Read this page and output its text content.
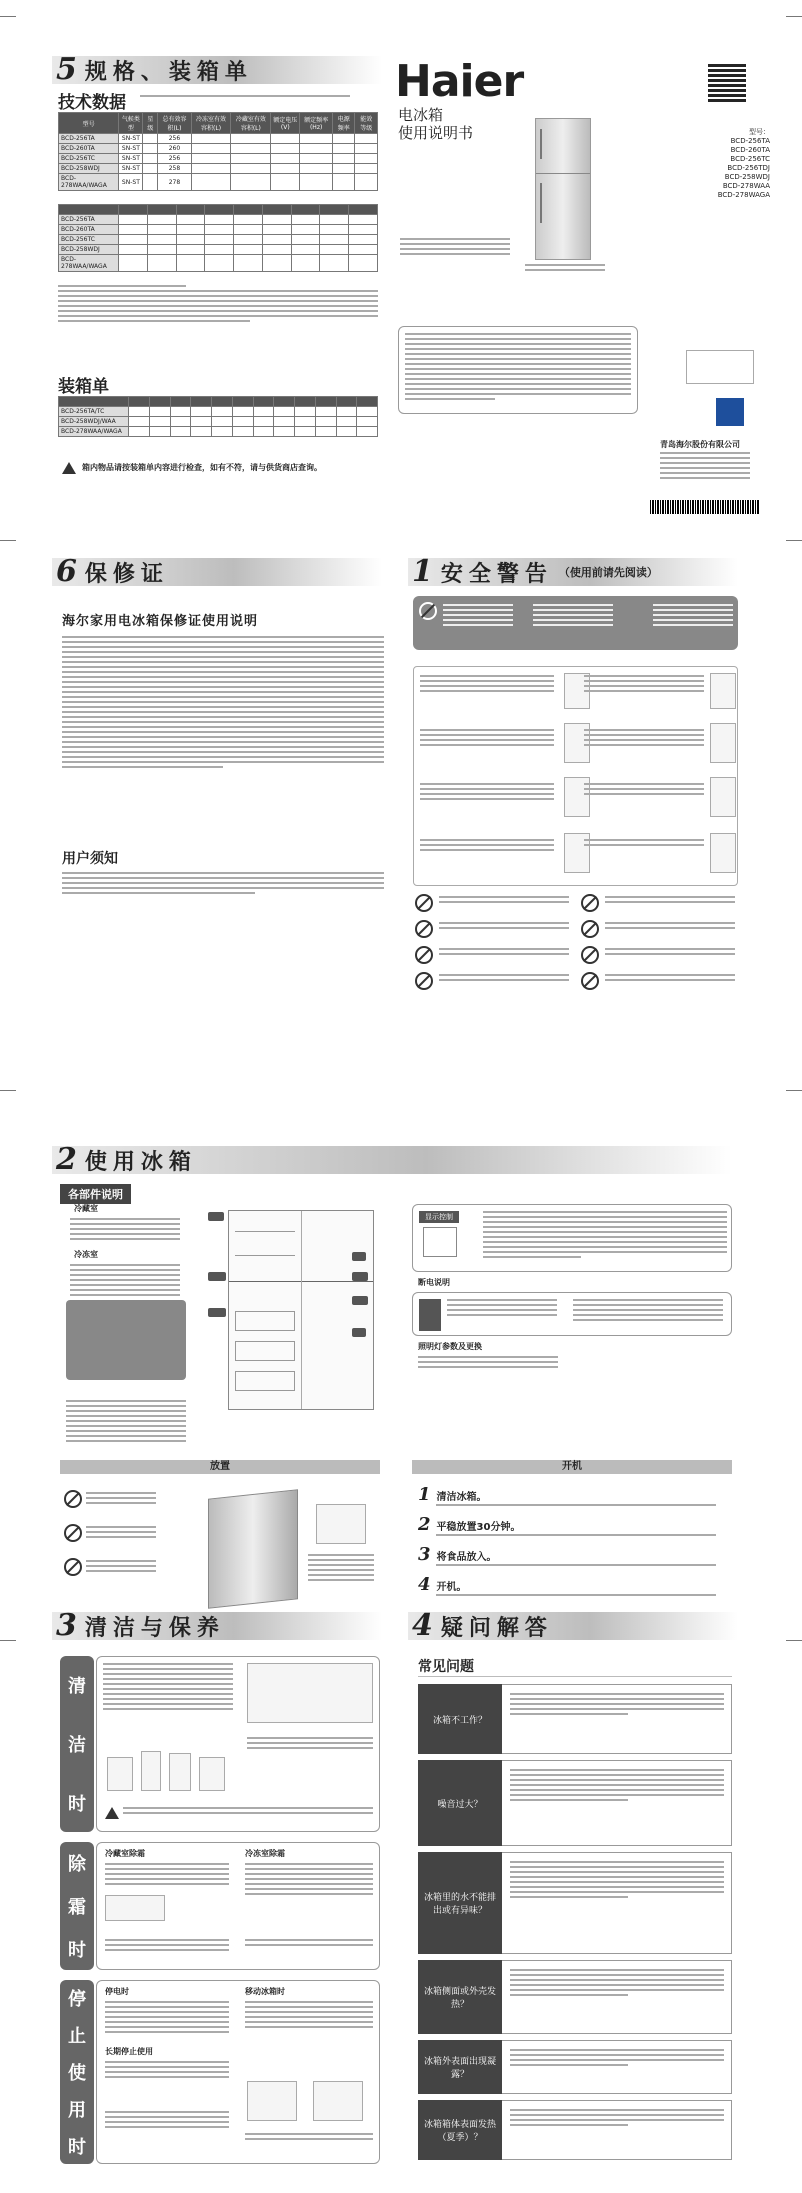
5 规格、装箱单
技术数据
型号	气候类型	星级	总有效容积(L)	冷冻室有效容积(L)	冷藏室有效容积(L)	额定电压(V)	额定频率(Hz)	电源频率	能效等级
BCD-256TA	SN-ST		256						
BCD-260TA	SN-ST		260						
BCD-256TC	SN-ST		256						
BCD-258WDJ	SN-ST		258						
BCD-278WAA/WAGA	SN-ST		278						

BCD-256TA									
BCD-260TA									
BCD-256TC									
BCD-258WDJ									
BCD-278WAA/WAGA									
装箱单

BCD-256TA/TC												
BCD-258WDJ/WAA												
BCD-278WAA/WAGA												
箱内物品请按装箱单内容进行检查，如有不符，请与供货商店查询。
Haier
电冰箱
使用说明书	型号：
BCD-256TA
BCD-260TA
BCD-256TC
BCD-256TDJ
BCD-258WDJ
BCD-278WAA
BCD-278WAGA
青岛海尔股份有限公司
6 保修证
海尔家用电冰箱保修证使用说明
用户须知
1 安全警告 （使用前请先阅读）
2 使用冰箱
各部件说明
冷藏室
冷冻室

显示控制
断电说明
照明灯参数及更换
放置	开机
1 清洁冰箱。
2 平稳放置30分钟。
3 将食品放入。
4 开机。
3 清洁与保养	4 疑问解答
清
洁
时
除
霜
时
冷藏室除霜	冷冻室除霜
停
止
使
用
时
停电时
长期停止使用
移动冰箱时
常见问题
冰箱不工作？
噪音过大？
冰箱里的水不能排出或有异味？
冰箱侧面或外壳发热？
冰箱外表面出现凝露？
冰箱箱体表面发热（夏季）？
